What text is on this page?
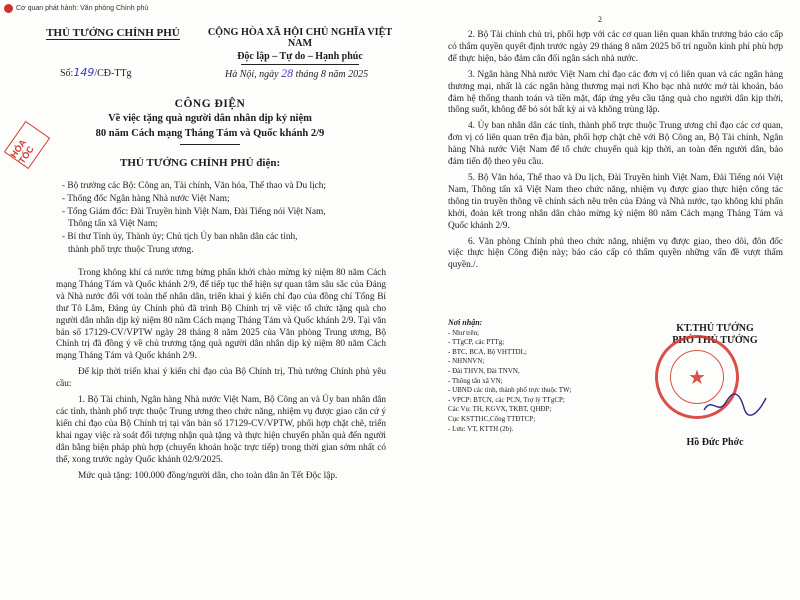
Cơ quan phát hành: Văn phòng Chính phủ
THỦ TƯỚNG CHÍNH PHỦ	CỘNG HÒA XÃ HỘI CHỦ NGHĨA VIỆT NAM
Độc lập – Tự do – Hạnh phúc
Số:149/CĐ-TTg	Hà Nội, ngày 28 tháng 8 năm 2025
CÔNG ĐIỆN
Về việc tặng quà người dân nhân dịp kỷ niệm
80 năm Cách mạng Tháng Tám và Quốc khánh 2/9
HỎA TỐC	THỦ TƯỚNG CHÍNH PHỦ điện:
- Bộ trưởng các Bộ: Công an, Tài chính, Văn hóa, Thể thao và Du lịch;
- Thống đốc Ngân hàng Nhà nước Việt Nam;
- Tổng Giám đốc: Đài Truyền hình Việt Nam, Đài Tiếng nói Việt Nam,
Thông tấn xã Việt Nam;
- Bí thư Tỉnh ủy, Thành ủy; Chủ tịch Ủy ban nhân dân các tỉnh,
thành phố trực thuộc Trung ương.

Trong không khí cả nước tưng bừng phấn khởi chào mừng kỷ niệm 80 năm Cách mạng Tháng Tám và Quốc khánh 2/9, để tiếp tục thể hiện sự quan tâm sâu sắc của Đảng và Nhà nước đối với toàn thể nhân dân, triển khai ý kiến chỉ đạo của đồng chí Tổng Bí thư Tô Lâm, Đảng ủy Chính phủ đã trình Bộ Chính trị về việc tổ chức tặng quà cho người dân nhân dịp kỷ niệm 80 năm Cách mạng Tháng Tám và Quốc khánh 2/9. Tại văn bản số 17129-CV/VPTW ngày 28 tháng 8 năm 2025 của Văn phòng Trung ương, Bộ Chính trị đã đồng ý về chủ trương tặng quà người dân nhân dịp kỷ niệm 80 năm Cách mạng Tháng Tám và Quốc khánh 2/9.

Để kịp thời triển khai ý kiến chỉ đạo của Bộ Chính trị, Thủ tướng Chính phủ yêu cầu:

1. Bộ Tài chính, Ngân hàng Nhà nước Việt Nam, Bộ Công an và Ủy ban nhân dân các tỉnh, thành phố trực thuộc Trung ương theo chức năng, nhiệm vụ được giao căn cứ ý kiến chỉ đạo của Bộ Chính trị tại văn bản số 17129-CV/VPTW, phối hợp chặt chẽ, triển khai ngay việc rà soát đối tượng nhận quà tặng và thực hiện chuyển phần quà đến người dân bằng biện pháp phù hợp (chuyển khoản hoặc trực tiếp) trong thời gian sớm nhất có thể, xong trước ngày Quốc khánh 02/9/2025.

Mức quà tặng: 100.000 đồng/người dân, cho toàn dân ăn Tết Độc lập.

2

2. Bộ Tài chính chủ trì, phối hợp với các cơ quan liên quan khẩn trương báo cáo cấp có thẩm quyền quyết định trước ngày 29 tháng 8 năm 2025 bố trí nguồn kinh phí phù hợp để thực hiện, bảo đảm cân đối ngân sách nhà nước.

3. Ngân hàng Nhà nước Việt Nam chỉ đạo các đơn vị có liên quan và các ngân hàng thương mại, nhất là các ngân hàng thương mại nơi Kho bạc nhà nước mở tài khoản, bảo đảm hệ thống thanh toán và tiền mặt, đáp ứng yêu cầu tặng quà cho người dân kịp thời, thông suốt, không để bỏ sót bất kỳ ai và không trùng lặp.

4. Ủy ban nhân dân các tỉnh, thành phố trực thuộc Trung ương chỉ đạo các cơ quan, đơn vị có liên quan trên địa bàn, phối hợp chặt chẽ với Bộ Công an, Bộ Tài chính, Ngân hàng Nhà nước Việt Nam để tổ chức chuyển quà kịp thời, an toàn đến người dân, bảo đảm tiến độ theo yêu cầu.

5. Bộ Văn hóa, Thể thao và Du lịch, Đài Truyền hình Việt Nam, Đài Tiếng nói Việt Nam, Thông tấn xã Việt Nam theo chức năng, nhiệm vụ được giao thực hiện công tác thông tin truyền thông về chính sách nêu trên của Đảng và Nhà nước, tạo không khí phấn khởi, đoàn kết trong nhân dân chào mừng kỷ niệm 80 năm Cách mạng Tháng Tám và Quốc khánh 2/9.

6. Văn phòng Chính phủ theo chức năng, nhiệm vụ được giao, theo dõi, đôn đốc việc thực hiện Công điện này; báo cáo cấp có thẩm quyền những vấn đề vượt thẩm quyền./.

Nơi nhận:
- Như trên;
- TTgCP, các PTTg;
- BTC, BCA, Bộ VHTTDL;
- NHNNVN;
- Đài THVN, Đài TNVN,
- Thông tấn xã VN;
- UBND các tỉnh, thành phố trực thuộc TW;
- VPCP: BTCN, các PCN, Trợ lý TTgCP;
Các Vụ: TH, KGVX, TKBT, QHĐP;
Cục KSTTHC,Cổng TTĐTCP;
- Lưu: VT, KTTH (2b).
KT.THỦ TƯỚNG
PHÓ THỦ TƯỚNG
★
Hồ Đức Phớc
